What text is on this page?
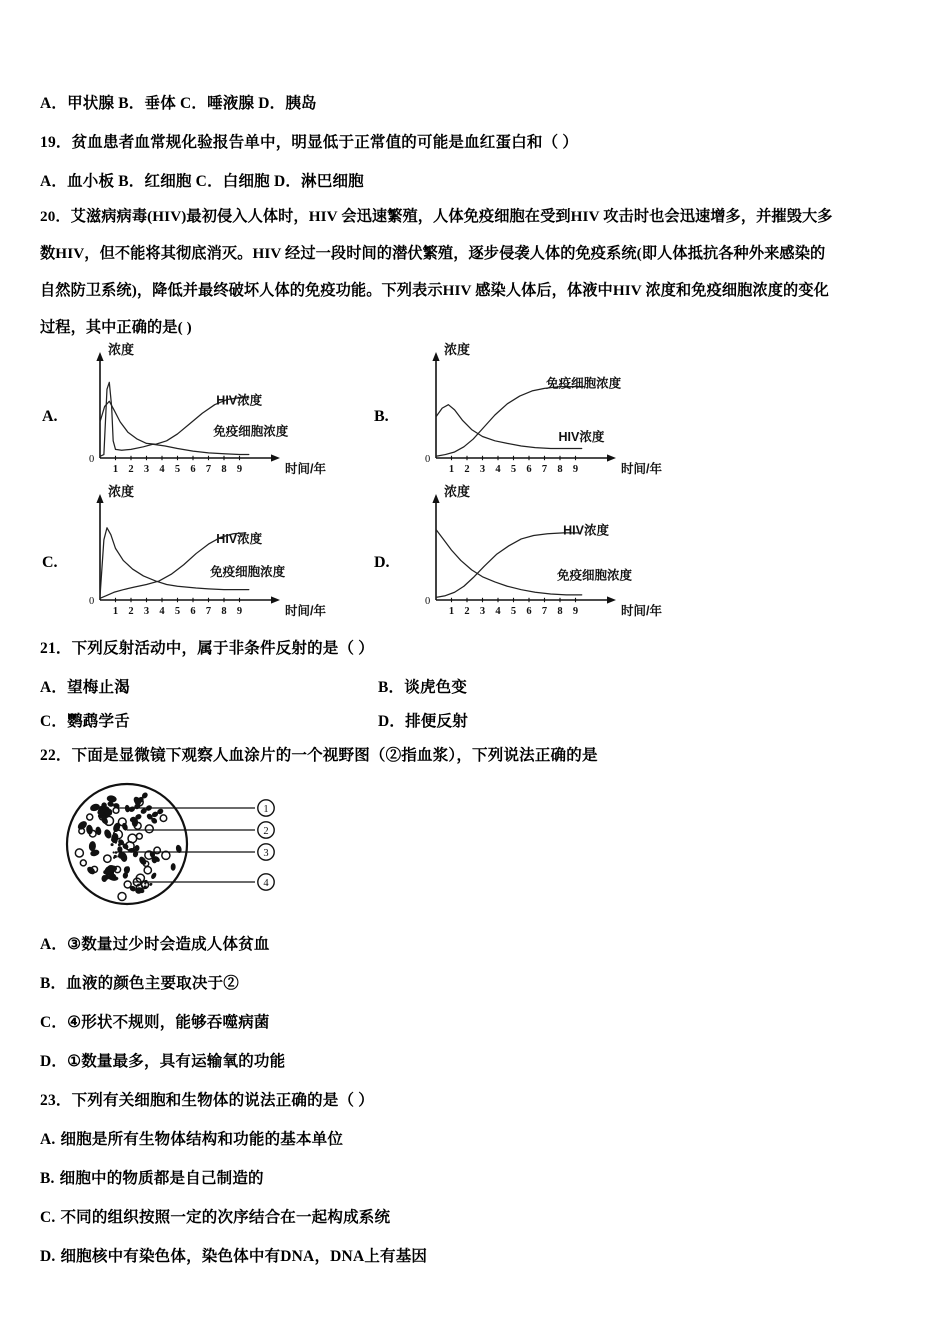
A．甲状腺 B．垂体 C．唾液腺 D．胰岛
19．贫血患者血常规化验报告单中，明显低于正常值的可能是血红蛋白和（ ）
A．血小板 B．红细胞 C．白细胞 D．淋巴细胞
20．艾滋病病毒(HIV)最初侵入人体时，HIV 会迅速繁殖，人体免疫细胞在受到HIV 攻击时也会迅速增多，并摧毁大多
数HIV，但不能将其彻底消灭。HIV 经过一段时间的潜伏繁殖，逐步侵袭人体的免疫系统(即人体抵抗各种外来感染的
自然防卫系统)，降低并最终破坏人体的免疫功能。下列表示HIV 感染人体后，体液中HIV 浓度和免疫细胞浓度的变化
过程，其中正确的是( )
A.
0
1 2 3 4 5 6 7 8 9
浓度
时间/年
HIV浓度
免疫细胞浓度
B.
0
1 2 3 4 5 6 7 8 9
浓度
时间/年
免疫细胞浓度
HIV浓度
C.
0
1 2 3 4 5 6 7 8 9
浓度
时间/年
HIV浓度
免疫细胞浓度
D.
0
1 2 3 4 5 6 7 8 9
浓度
时间/年
HIV浓度
免疫细胞浓度
21．下列反射活动中，属于非条件反射的是（ ）
A．望梅止渴	B．谈虎色变
C．鹦鹉学舌	D．排便反射
22．下面是显微镜下观察人血涂片的一个视野图（②指血浆），下列说法正确的是
1
2
3
4
A．③数量过少时会造成人体贫血
B．血液的颜色主要取决于②
C．④形状不规则，能够吞噬病菌
D．①数量最多，具有运输氧的功能
23．下列有关细胞和生物体的说法正确的是（ ）
A. 细胞是所有生物体结构和功能的基本单位
B. 细胞中的物质都是自己制造的
C. 不同的组织按照一定的次序结合在一起构成系统
D. 细胞核中有染色体，染色体中有DNA，DNA上有基因
